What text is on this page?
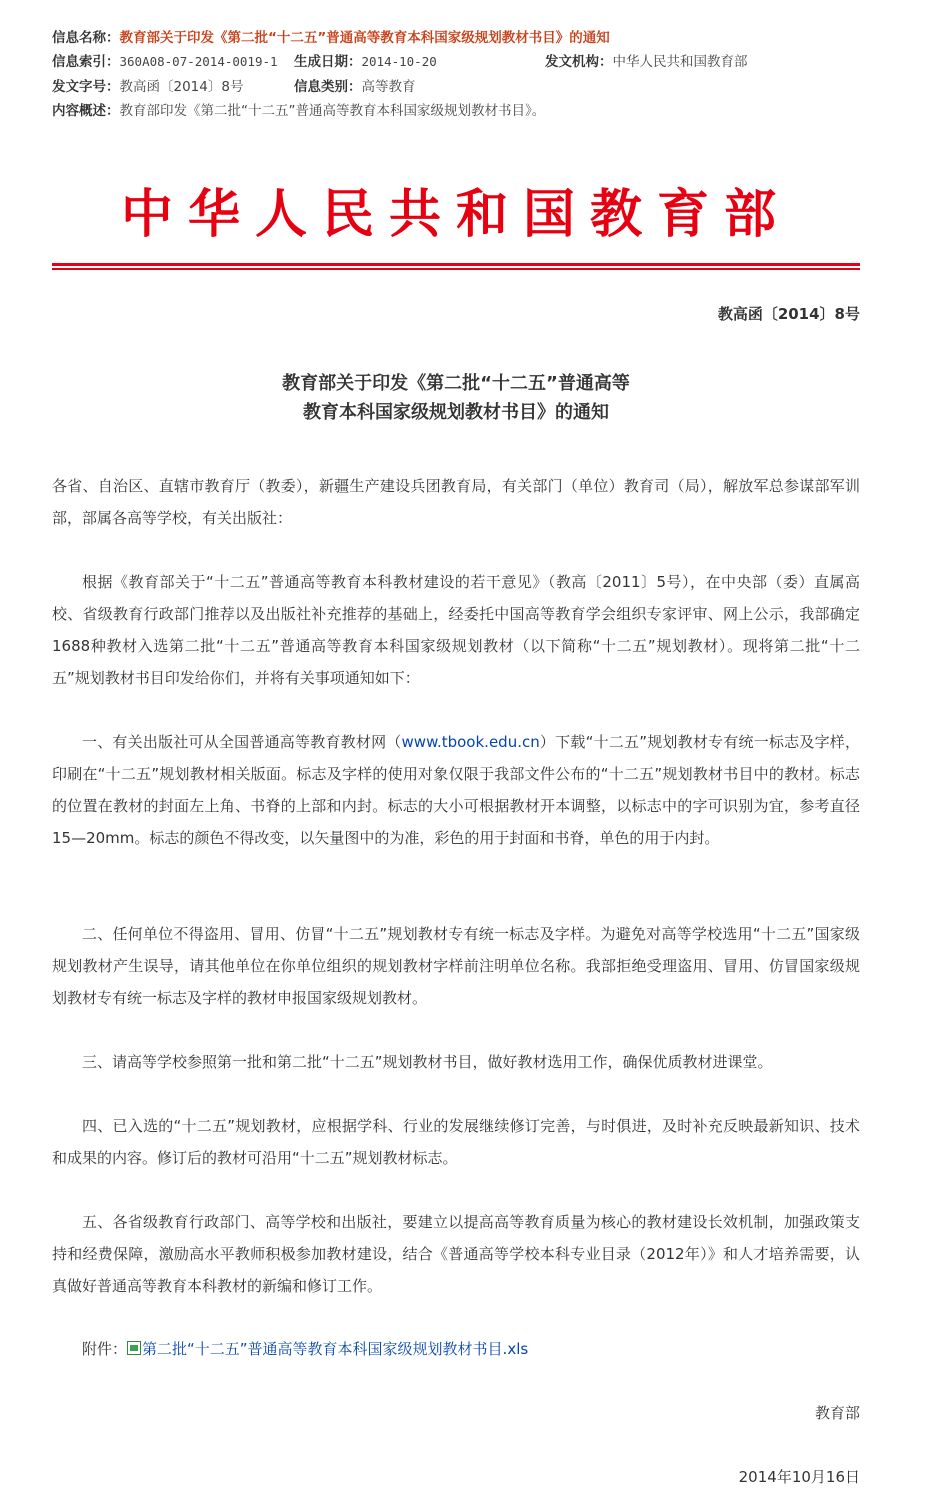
信息名称：教育部关于印发《第二批“十二五”普通高等教育本科国家级规划教材书目》的通知
信息索引：360A08-07-2014-0019-1 生成日期：2014-10-20	发文机构：中华人民共和国教育部
发文字号：教高函〔2014〕8号	信息类别：高等教育
内容概述：教育部印发《第二批“十二五”普通高等教育本科国家级规划教材书目》。
中华人民共和国教育部
教高函〔2014〕8号
教育部关于印发《第二批“十二五”普通高等
教育本科国家级规划教材书目》的通知

各省、自治区、直辖市教育厅（教委），新疆生产建设兵团教育局，有关部门（单位）教育司（局），解放军总参谋部军训部，部属各高等学校，有关出版社：

根据《教育部关于“十二五”普通高等教育本科教材建设的若干意见》（教高〔2011〕5号），在中央部（委）直属高校、省级教育行政部门推荐以及出版社补充推荐的基础上，经委托中国高等教育学会组织专家评审、网上公示，我部确定1688种教材入选第二批“十二五”普通高等教育本科国家级规划教材（以下简称“十二五”规划教材）。现将第二批“十二五”规划教材书目印发给你们，并将有关事项通知如下：

一、有关出版社可从全国普通高等教育教材网（www.tbook.edu.cn）下载“十二五”规划教材专有统一标志及字样，印刷在“十二五”规划教材相关版面。标志及字样的使用对象仅限于我部文件公布的“十二五”规划教材书目中的教材。标志的位置在教材的封面左上角、书脊的上部和内封。标志的大小可根据教材开本调整，以标志中的字可识别为宜，参考直径15—20mm。标志的颜色不得改变，以矢量图中的为准，彩色的用于封面和书脊，单色的用于内封。

二、任何单位不得盗用、冒用、仿冒“十二五”规划教材专有统一标志及字样。为避免对高等学校选用“十二五”国家级规划教材产生误导，请其他单位在你单位组织的规划教材字样前注明单位名称。我部拒绝受理盗用、冒用、仿冒国家级规划教材专有统一标志及字样的教材申报国家级规划教材。

三、请高等学校参照第一批和第二批“十二五”规划教材书目，做好教材选用工作，确保优质教材进课堂。

四、已入选的“十二五”规划教材，应根据学科、行业的发展继续修订完善，与时俱进，及时补充反映最新知识、技术和成果的内容。修订后的教材可沿用“十二五”规划教材标志。

五、各省级教育行政部门、高等学校和出版社，要建立以提高高等教育质量为核心的教材建设长效机制，加强政策支持和经费保障，激励高水平教师积极参加教材建设，结合《普通高等学校本科专业目录（2012年）》和人才培养需要，认真做好普通高等教育本科教材的新编和修订工作。

附件： 第二批“十二五”普通高等教育本科国家级规划教材书目.xls
教育部
2014年10月16日
